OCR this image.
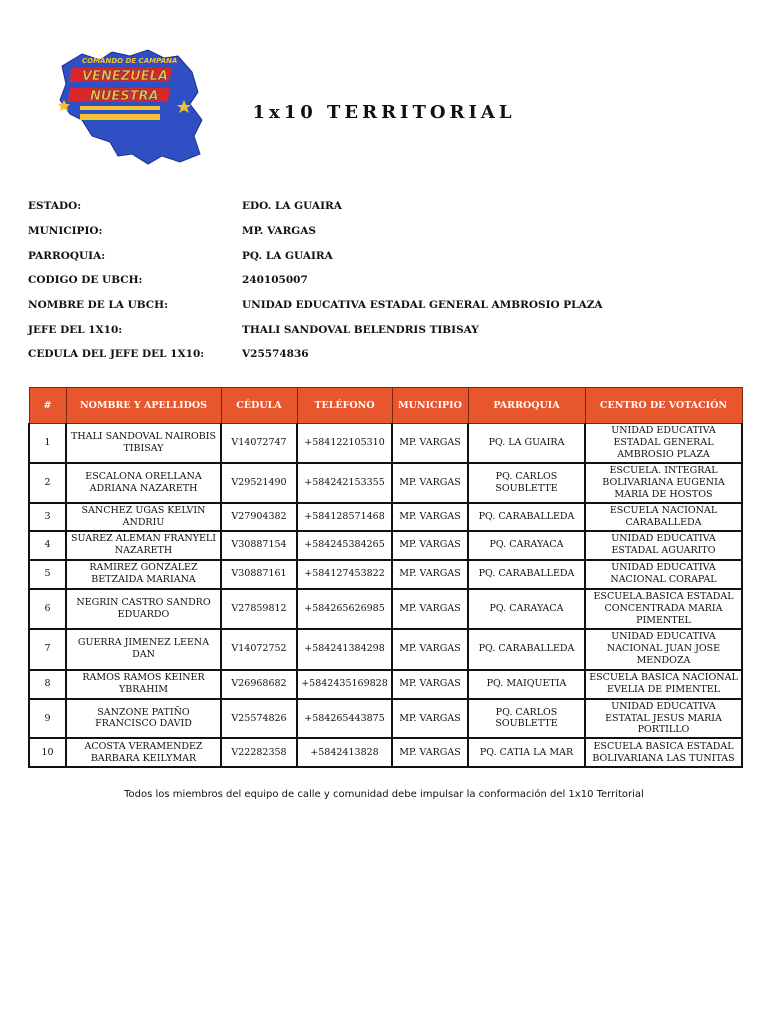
COMANDO DE CAMPAÑA
VENEZUELA
NUESTRA
1x10 TERRITORIAL
ESTADO:	EDO. LA GUAIRA
MUNICIPIO:	MP. VARGAS
PARROQUIA:	PQ. LA GUAIRA
CODIGO DE UBCH:	240105007
NOMBRE DE LA UBCH:	UNIDAD EDUCATIVA ESTADAL GENERAL AMBROSIO PLAZA
JEFE DEL 1X10:	THALI SANDOVAL BELENDRIS TIBISAY
CEDULA DEL JEFE DEL 1X10:	V25574836
#	NOMBRE Y APELLIDOS	CÉDULA	TELÉFONO	MUNICIPIO	PARROQUIA	CENTRO DE VOTACIÓN
1	THALI SANDOVAL NAIROBIS TIBISAY	V14072747	+584122105310	MP. VARGAS	PQ. LA GUAIRA	UNIDAD EDUCATIVA ESTADAL GENERAL AMBROSIO PLAZA
2	ESCALONA ORELLANA ADRIANA NAZARETH	V29521490	+584242153355	MP. VARGAS	PQ. CARLOS SOUBLETTE	ESCUELA. INTEGRAL BOLIVARIANA EUGENIA MARIA DE HOSTOS
3	SANCHEZ UGAS KELVIN ANDRIU	V27904382	+584128571468	MP. VARGAS	PQ. CARABALLEDA	ESCUELA NACIONAL CARABALLEDA
4	SUAREZ ALEMAN FRANYELI NAZARETH	V30887154	+584245384265	MP. VARGAS	PQ. CARAYACA	UNIDAD EDUCATIVA ESTADAL AGUARITO
5	RAMIREZ GONZALEZ BETZAIDA MARIANA	V30887161	+584127453822	MP. VARGAS	PQ. CARABALLEDA	UNIDAD EDUCATIVA NACIONAL CORAPAL
6	NEGRIN CASTRO SANDRO EDUARDO	V27859812	+584265626985	MP. VARGAS	PQ. CARAYACA	ESCUELA.BASICA ESTADAL CONCENTRADA MARIA PIMENTEL
7	GUERRA JIMENEZ LEENA DAN	V14072752	+584241384298	MP. VARGAS	PQ. CARABALLEDA	UNIDAD EDUCATIVA NACIONAL JUAN JOSE MENDOZA
8	RAMOS RAMOS KEINER YBRAHIM	V26968682	+5842435169828	MP. VARGAS	PQ. MAIQUETIA	ESCUELA BASICA NACIONAL EVELIA DE PIMENTEL
9	SANZONE PATIÑO FRANCISCO DAVID	V25574826	+584265443875	MP. VARGAS	PQ. CARLOS SOUBLETTE	UNIDAD EDUCATIVA ESTATAL JESUS MARIA PORTILLO
10	ACOSTA VERAMENDEZ BARBARA KEILYMAR	V22282358	+5842413828	MP. VARGAS	PQ. CATIA LA MAR	ESCUELA BASICA ESTADAL BOLIVARIANA LAS TUNITAS
Todos los miembros del equipo de calle y comunidad debe impulsar la conformación del 1x10 Territorial
